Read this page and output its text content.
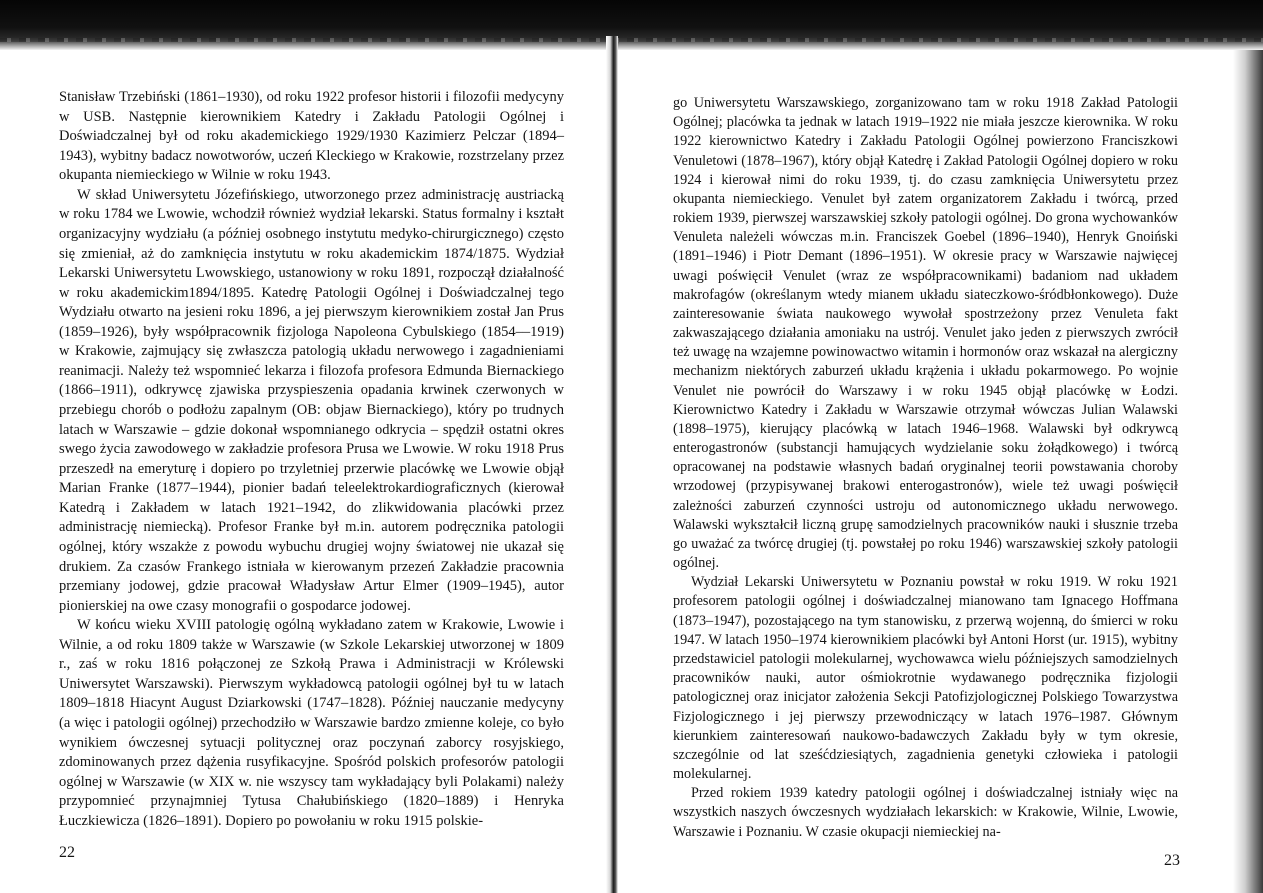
Stanisław Trzebiński (1861–1930), od roku 1922 profesor historii i filozofii medycyny w USB. Następnie kierownikiem Katedry i Zakładu Patologii Ogólnej i Doświadczalnej był od roku akademickiego 1929/1930 Kazimierz Pelczar (1894–1943), wybitny badacz nowotworów, uczeń Kleckiego w Krakowie, rozstrzelany przez okupanta niemieckiego w Wilnie w roku 1943.

W skład Uniwersytetu Józefińskiego, utworzonego przez administrację austriacką w roku 1784 we Lwowie, wchodził również wydział lekarski. Status formalny i kształt organizacyjny wydziału (a później osobnego instytutu medyko-chirurgicznego) często się zmieniał, aż do zamknięcia instytutu w roku akademickim 1874/1875. Wydział Lekarski Uniwersytetu Lwowskiego, ustanowiony w roku 1891, rozpoczął działalność w roku akademickim1894/1895. Katedrę Patologii Ogólnej i Doświadczalnej tego Wydziału otwarto na jesieni roku 1896, a jej pierwszym kierownikiem został Jan Prus (1859–1926), były współpracownik fizjologa Napoleona Cybulskiego (1854––1919) w Krakowie, zajmujący się zwłaszcza patologią układu nerwowego i zagadnieniami reanimacji. Należy też wspomnieć lekarza i filozofa profesora Edmunda Biernackiego (1866–1911), odkrywcę zjawiska przyspieszenia opadania krwinek czerwonych w przebiegu chorób o podłożu zapalnym (OB: objaw Biernackiego), który po trudnych latach w Warszawie – gdzie dokonał wspomnianego odkrycia – spędził ostatni okres swego życia zawodowego w zakładzie profesora Prusa we Lwowie. W roku 1918 Prus przeszedł na emeryturę i dopiero po trzyletniej przerwie placówkę we Lwowie objął Marian Franke (1877–1944), pionier badań teleelektrokardiograficznych (kierował Katedrą i Zakładem w latach 1921–1942, do zlikwidowania placówki przez administrację niemiecką). Profesor Franke był m.in. autorem podręcznika patologii ogólnej, który wszakże z powodu wybuchu drugiej wojny światowej nie ukazał się drukiem. Za czasów Frankego istniała w kierowanym przezeń Zakładzie pracownia przemiany jodowej, gdzie pracował Władysław Artur Elmer (1909–1945), autor pionierskiej na owe czasy monografii o gospodarce jodowej.

W końcu wieku XVIII patologię ogólną wykładano zatem w Krakowie, Lwowie i Wilnie, a od roku 1809 także w Warszawie (w Szkole Lekarskiej utworzonej w 1809 r., zaś w roku 1816 połączonej ze Szkołą Prawa i Administracji w Królewski Uniwersytet Warszawski). Pierwszym wykładowcą patologii ogólnej był tu w latach 1809–1818 Hiacynt August Dziarkowski (1747–1828). Później nauczanie medycyny (a więc i patologii ogólnej) przechodziło w Warszawie bardzo zmienne koleje, co było wynikiem ówczesnej sytuacji politycznej oraz poczynań zaborcy rosyjskiego, zdominowanych przez dążenia rusyfikacyjne. Spośród polskich profesorów patologii ogólnej w Warszawie (w XIX w. nie wszyscy tam wykładający byli Polakami) należy przypomnieć przynajmniej Tytusa Chałubińskiego (1820–1889) i Henryka Łuczkiewicza (1826–1891). Dopiero po powołaniu w roku 1915 polskie-

22

go Uniwersytetu Warszawskiego, zorganizowano tam w roku 1918 Zakład Patologii Ogólnej; placówka ta jednak w latach 1919–1922 nie miała jeszcze kierownika. W roku 1922 kierownictwo Katedry i Zakładu Patologii Ogólnej powierzono Franciszkowi Venuletowi (1878–1967), który objął Katedrę i Zakład Patologii Ogólnej dopiero w roku 1924 i kierował nimi do roku 1939, tj. do czasu zamknięcia Uniwersytetu przez okupanta niemieckiego. Venulet był zatem organizatorem Zakładu i twórcą, przed rokiem 1939, pierwszej warszawskiej szkoły patologii ogólnej. Do grona wychowanków Venuleta należeli wówczas m.in. Franciszek Goebel (1896–1940), Henryk Gnoiński (1891–1946) i Piotr Demant (1896–1951). W okresie pracy w Warszawie najwięcej uwagi poświęcił Venulet (wraz ze współpracownikami) badaniom nad układem makrofagów (określanym wtedy mianem układu siateczkowo-śródbłonkowego). Duże zainteresowanie świata naukowego wywołał spostrzeżony przez Venuleta fakt zakwaszającego działania amoniaku na ustrój. Venulet jako jeden z pierwszych zwrócił też uwagę na wzajemne powinowactwo witamin i hormonów oraz wskazał na alergiczny mechanizm niektórych zaburzeń układu krążenia i układu pokarmowego. Po wojnie Venulet nie powrócił do Warszawy i w roku 1945 objął placówkę w Łodzi. Kierownictwo Katedry i Zakładu w Warszawie otrzymał wówczas Julian Walawski (1898–1975), kierujący placówką w latach 1946–1968. Walawski był odkrywcą enterogastronów (substancji hamujących wydzielanie soku żołądkowego) i twórcą opracowanej na podstawie własnych badań oryginalnej teorii powstawania choroby wrzodowej (przypisywanej brakowi enterogastronów), wiele też uwagi poświęcił zależności zaburzeń czynności ustroju od autonomicznego układu nerwowego. Walawski wykształcił liczną grupę samodzielnych pracowników nauki i słusznie trzeba go uważać za twórcę drugiej (tj. powstałej po roku 1946) warszawskiej szkoły patologii ogólnej.

Wydział Lekarski Uniwersytetu w Poznaniu powstał w roku 1919. W roku 1921 profesorem patologii ogólnej i doświadczalnej mianowano tam Ignacego Hoffmana (1873–1947), pozostającego na tym stanowisku, z przerwą wojenną, do śmierci w roku 1947. W latach 1950–1974 kierownikiem placówki był Antoni Horst (ur. 1915), wybitny przedstawiciel patologii molekularnej, wychowawca wielu późniejszych samodzielnych pracowników nauki, autor ośmiokrotnie wydawanego podręcznika fizjologii patologicznej oraz inicjator założenia Sekcji Patofizjologicznej Polskiego Towarzystwa Fizjologicznego i jej pierwszy przewodniczący w latach 1976–1987. Głównym kierunkiem zainteresowań naukowo-badawczych Zakładu były w tym okresie, szczególnie od lat sześćdziesiątych, zagadnienia genetyki człowieka i patologii molekularnej.

Przed rokiem 1939 katedry patologii ogólnej i doświadczalnej istniały więc na wszystkich naszych ówczesnych wydziałach lekarskich: w Krakowie, Wilnie, Lwowie, Warszawie i Poznaniu. W czasie okupacji niemieckiej na-

23
